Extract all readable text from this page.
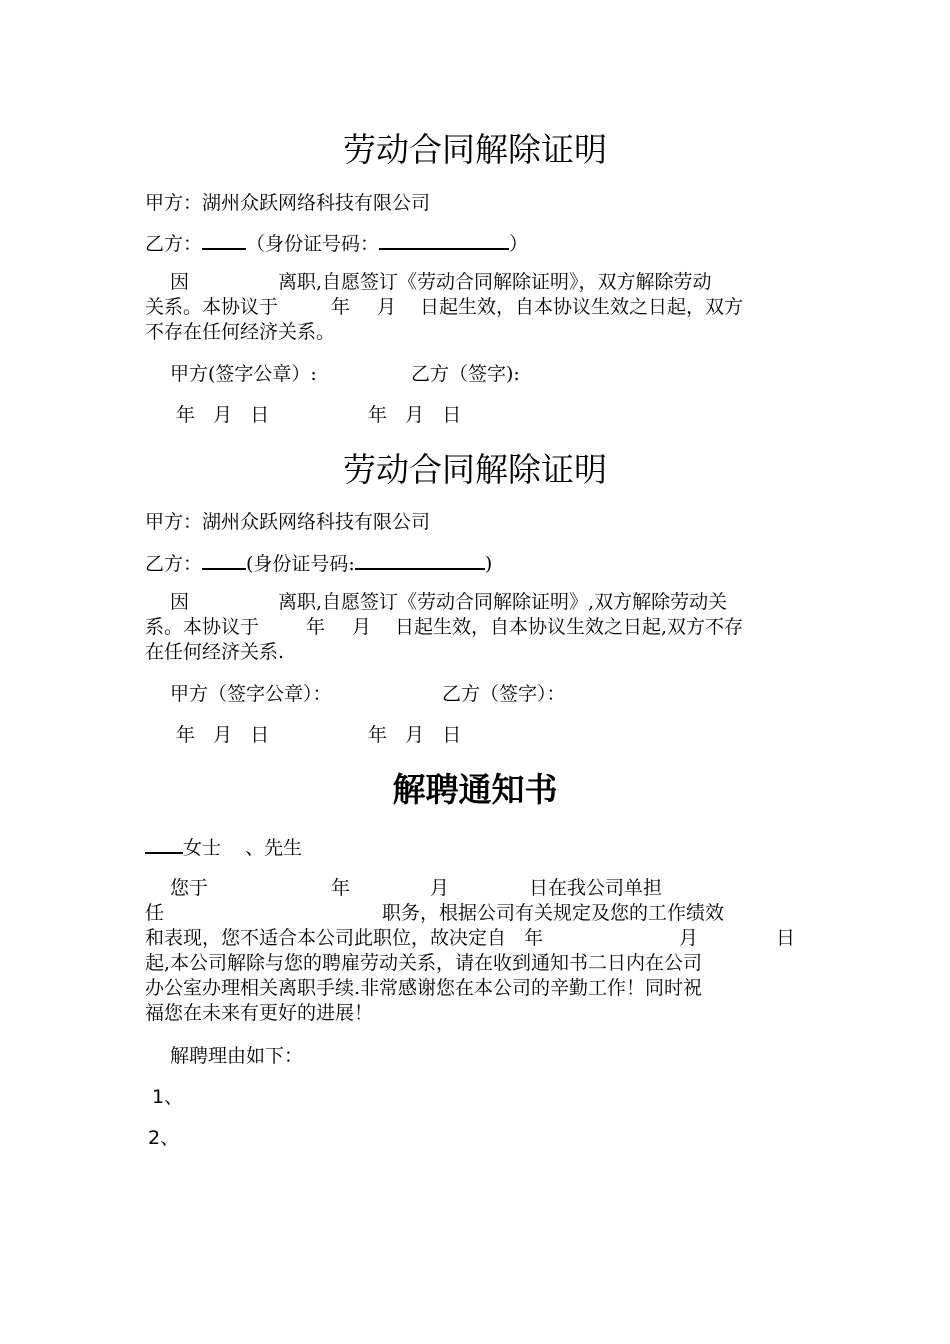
劳动合同解除证明
甲方：湖州众跃网络科技有限公司
乙方： （身份证号码：	）
因	离职,自愿签订《劳动合同解除证明》，双方解除劳动
关系。本协议于	年 月 日起生效，自本协议生效之日起，双方
不存在任何经济关系。
甲方(签字公章）:	乙方（签字):
年   月   日	年   月   日
劳动合同解除证明
甲方：湖州众跃网络科技有限公司
乙方： (身份证号码:	)
因	离职,自愿签订《劳动合同解除证明》,双方解除劳动关
系。本协议于 年 月 日起生效，自本协议生效之日起,双方不存
在任何经济关系.
甲方（签字公章）：	乙方（签字）：
年   月   日	年   月   日
解聘通知书
女士    、先生
您于	年	月	日在我公司单担
任	职务，根据公司有关规定及您的工作绩效
和表现，您不适合本公司此职位，故决定自   年	月	日
起,本公司解除与您的聘雇劳动关系，请在收到通知书二日内在公司
办公室办理相关离职手续.非常感谢您在本公司的辛勤工作！同时祝
福您在未来有更好的进展！
解聘理由如下：
1、
2、
